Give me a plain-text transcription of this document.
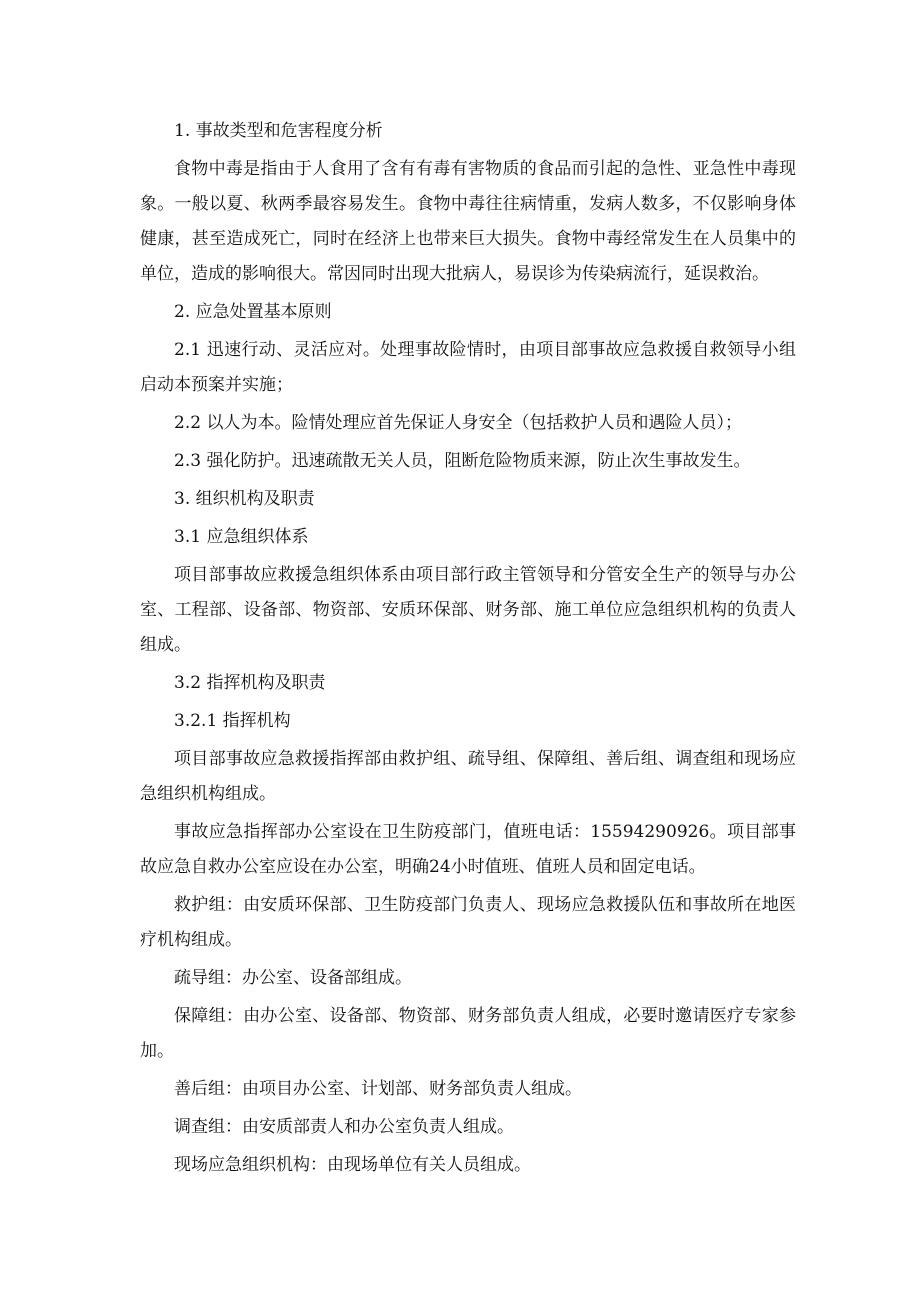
1. 事故类型和危害程度分析

食物中毒是指由于人食用了含有有毒有害物质的食品而引起的急性、亚急性中毒现象。一般以夏、秋两季最容易发生。食物中毒往往病情重，发病人数多，不仅影响身体健康，甚至造成死亡，同时在经济上也带来巨大损失。食物中毒经常发生在人员集中的单位，造成的影响很大。常因同时出现大批病人，易误诊为传染病流行，延误救治。

2. 应急处置基本原则

2.1 迅速行动、灵活应对。处理事故险情时，由项目部事故应急救援自救领导小组启动本预案并实施；

2.2 以人为本。险情处理应首先保证人身安全（包括救护人员和遇险人员）；

2.3 强化防护。迅速疏散无关人员，阻断危险物质来源，防止次生事故发生。

3. 组织机构及职责

3.1 应急组织体系

项目部事故应救援急组织体系由项目部行政主管领导和分管安全生产的领导与办公室、工程部、设备部、物资部、安质环保部、财务部、施工单位应急组织机构的负责人组成。

3.2 指挥机构及职责

3.2.1 指挥机构

项目部事故应急救援指挥部由救护组、疏导组、保障组、善后组、调查组和现场应急组织机构组成。

事故应急指挥部办公室设在卫生防疫部门，值班电话：15594290926。项目部事故应急自救办公室应设在办公室，明确24小时值班、值班人员和固定电话。

救护组：由安质环保部、卫生防疫部门负责人、现场应急救援队伍和事故所在地医疗机构组成。

疏导组：办公室、设备部组成。

保障组：由办公室、设备部、物资部、财务部负责人组成，必要时邀请医疗专家参加。

善后组：由项目办公室、计划部、财务部负责人组成。

调查组：由安质部责人和办公室负责人组成。

现场应急组织机构：由现场单位有关人员组成。
